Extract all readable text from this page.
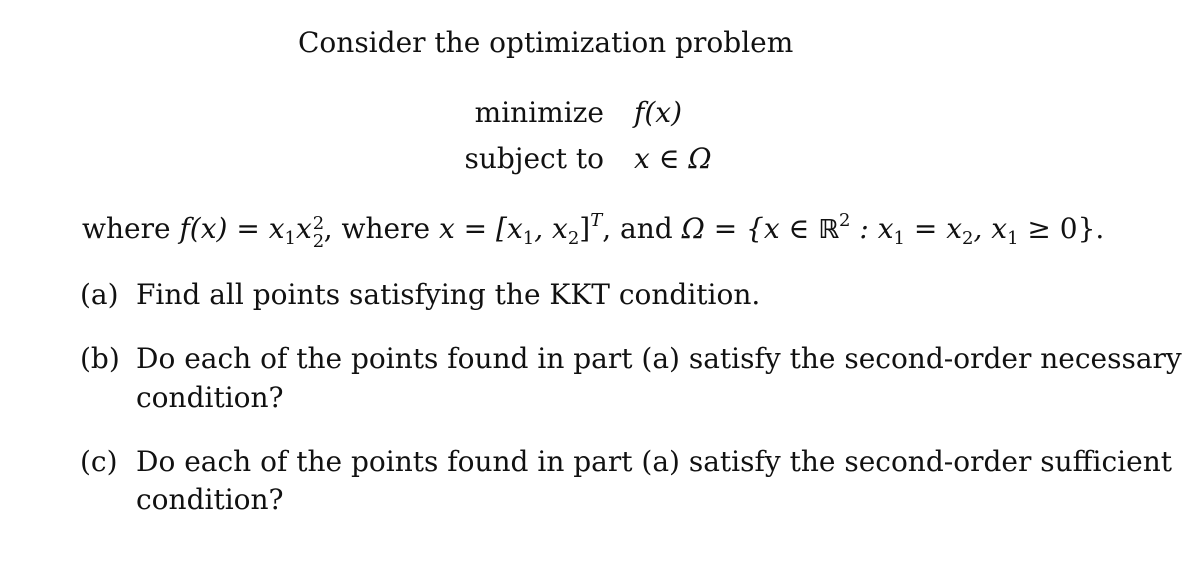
Consider the optimization problem
minimize f(x)
subject to x ∈ Ω
where $f(x) = x_1x$ 2
2 , where $x = [x_1$, $x_2]^T$, and Ω = {x ∈ ℝ$^2$ : $x_1 = x_2$, $x_1 \ge 0$}.
(a) Find all points satisfying the KKT condition.
(b) Do each of the points found in part (a) satisfy the second-order necessary
condition?
(c) Do each of the points found in part (a) satisfy the second-order sufficient
condition?
